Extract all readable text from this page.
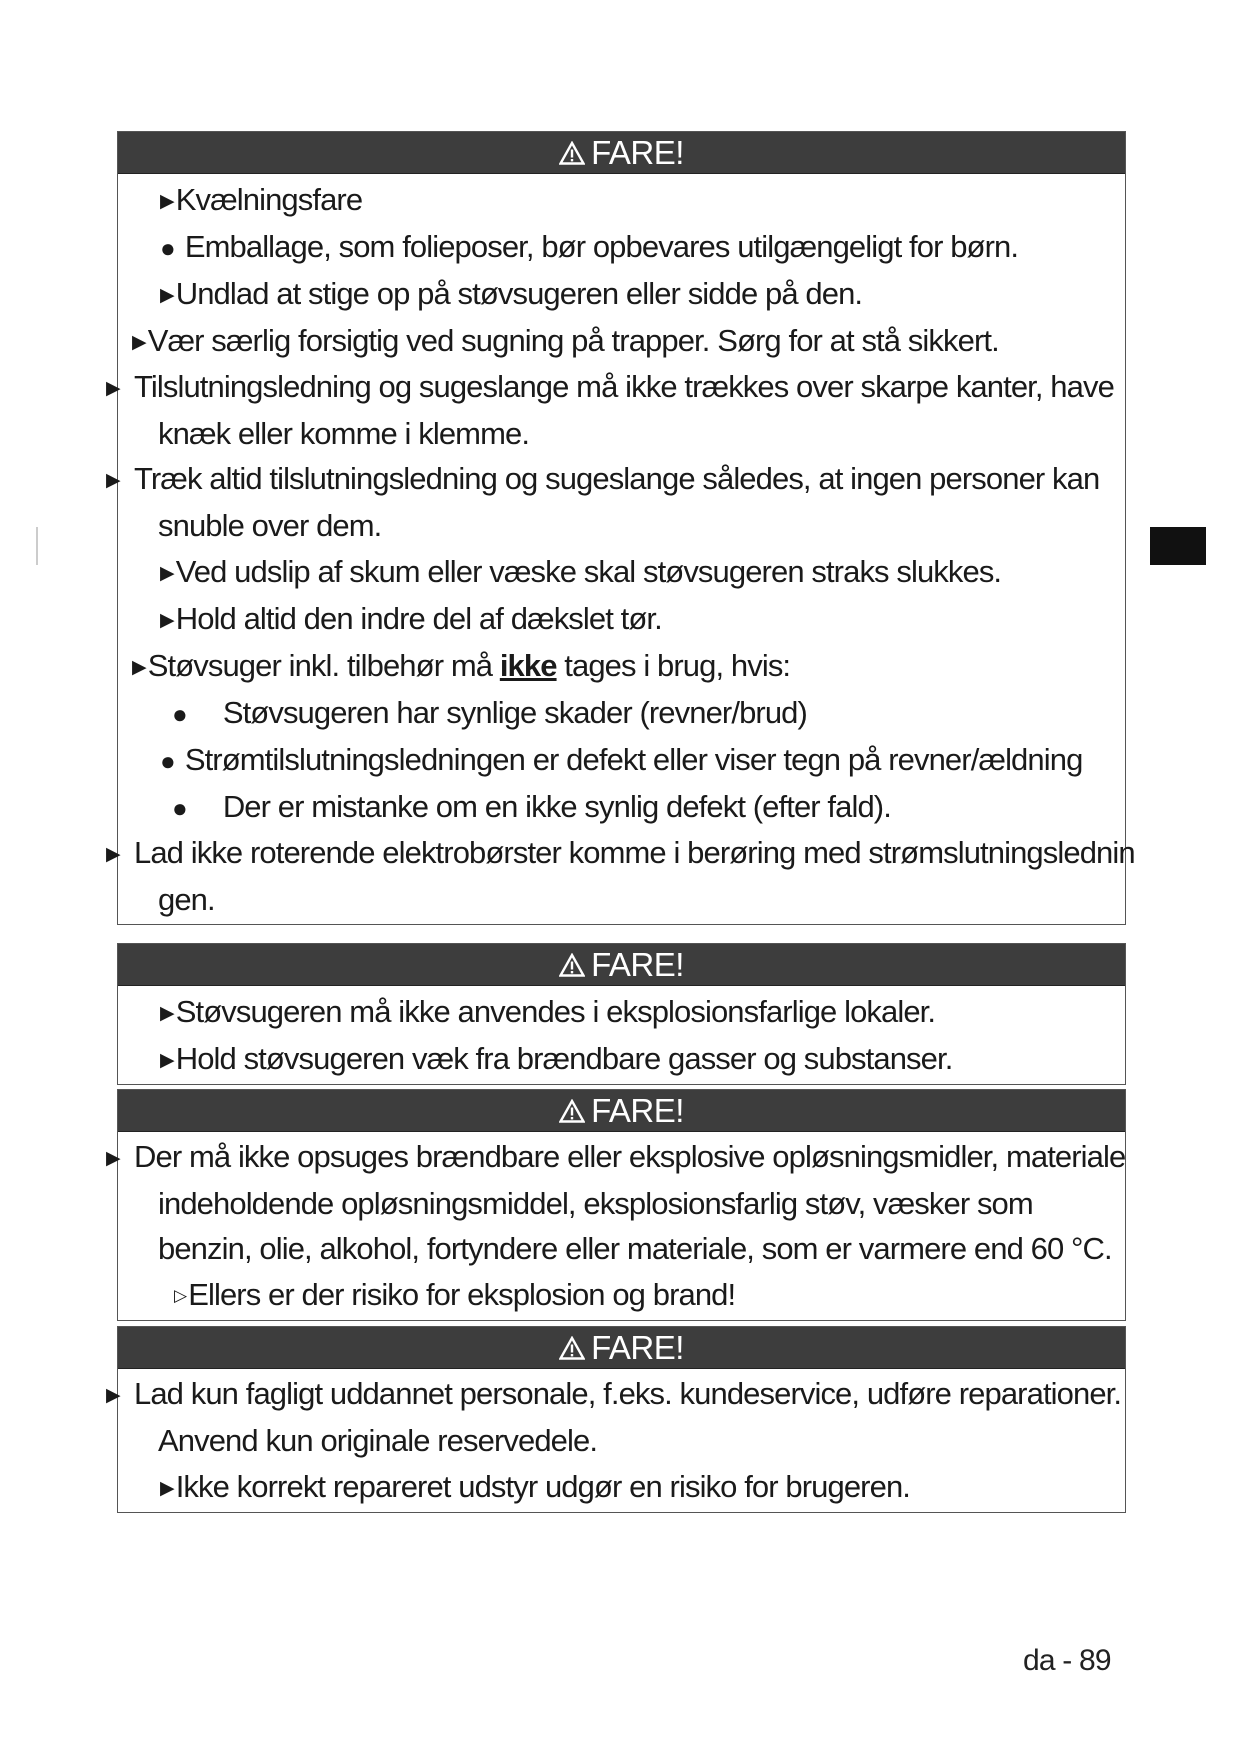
FARE!
▶Kvælningsfare
● Emballage, som folieposer, bør opbevares utilgængeligt for børn.
▶Undlad at stige op på støvsugeren eller sidde på den.
▶Vær særlig forsigtig ved sugning på trapper. Sørg for at stå sikkert.
▶ Tilslutningsledning og sugeslange må ikke trækkes over skarpe kanter, have knæk eller komme i klemme.
▶ Træk altid tilslutningsledning og sugeslange således, at ingen personer kan snuble over dem.
▶Ved udslip af skum eller væske skal støvsugeren straks slukkes.
▶Hold altid den indre del af dækslet tør.
▶Støvsuger inkl. tilbehør må ikke tages i brug, hvis:
● Støvsugeren har synlige skader (revner/brud)
● Strømtilslutningsledningen er defekt eller viser tegn på revner/ældning
● Der er mistanke om en ikke synlig defekt (efter fald).
▶ Lad ikke roterende elektrobørster komme i berøring med strømslutningsledningen.
FARE!
▶Støvsugeren må ikke anvendes i eksplosionsfarlige lokaler.
▶Hold støvsugeren væk fra brændbare gasser og substanser.
FARE!
▶ Der må ikke opsuges brændbare eller eksplosive opløsningsmidler, materiale indeholdende opløsningsmiddel, eksplosionsfarlig støv, væsker som benzin, olie, alkohol, fortyndere eller materiale, som er varmere end 60 °C.
▷Ellers er der risiko for eksplosion og brand!
FARE!
▶ Lad kun fagligt uddannet personale, f.eks. kundeservice, udføre reparationer. Anvend kun originale reservedele.
▶Ikke korrekt repareret udstyr udgør en risiko for brugeren.
da - 89
